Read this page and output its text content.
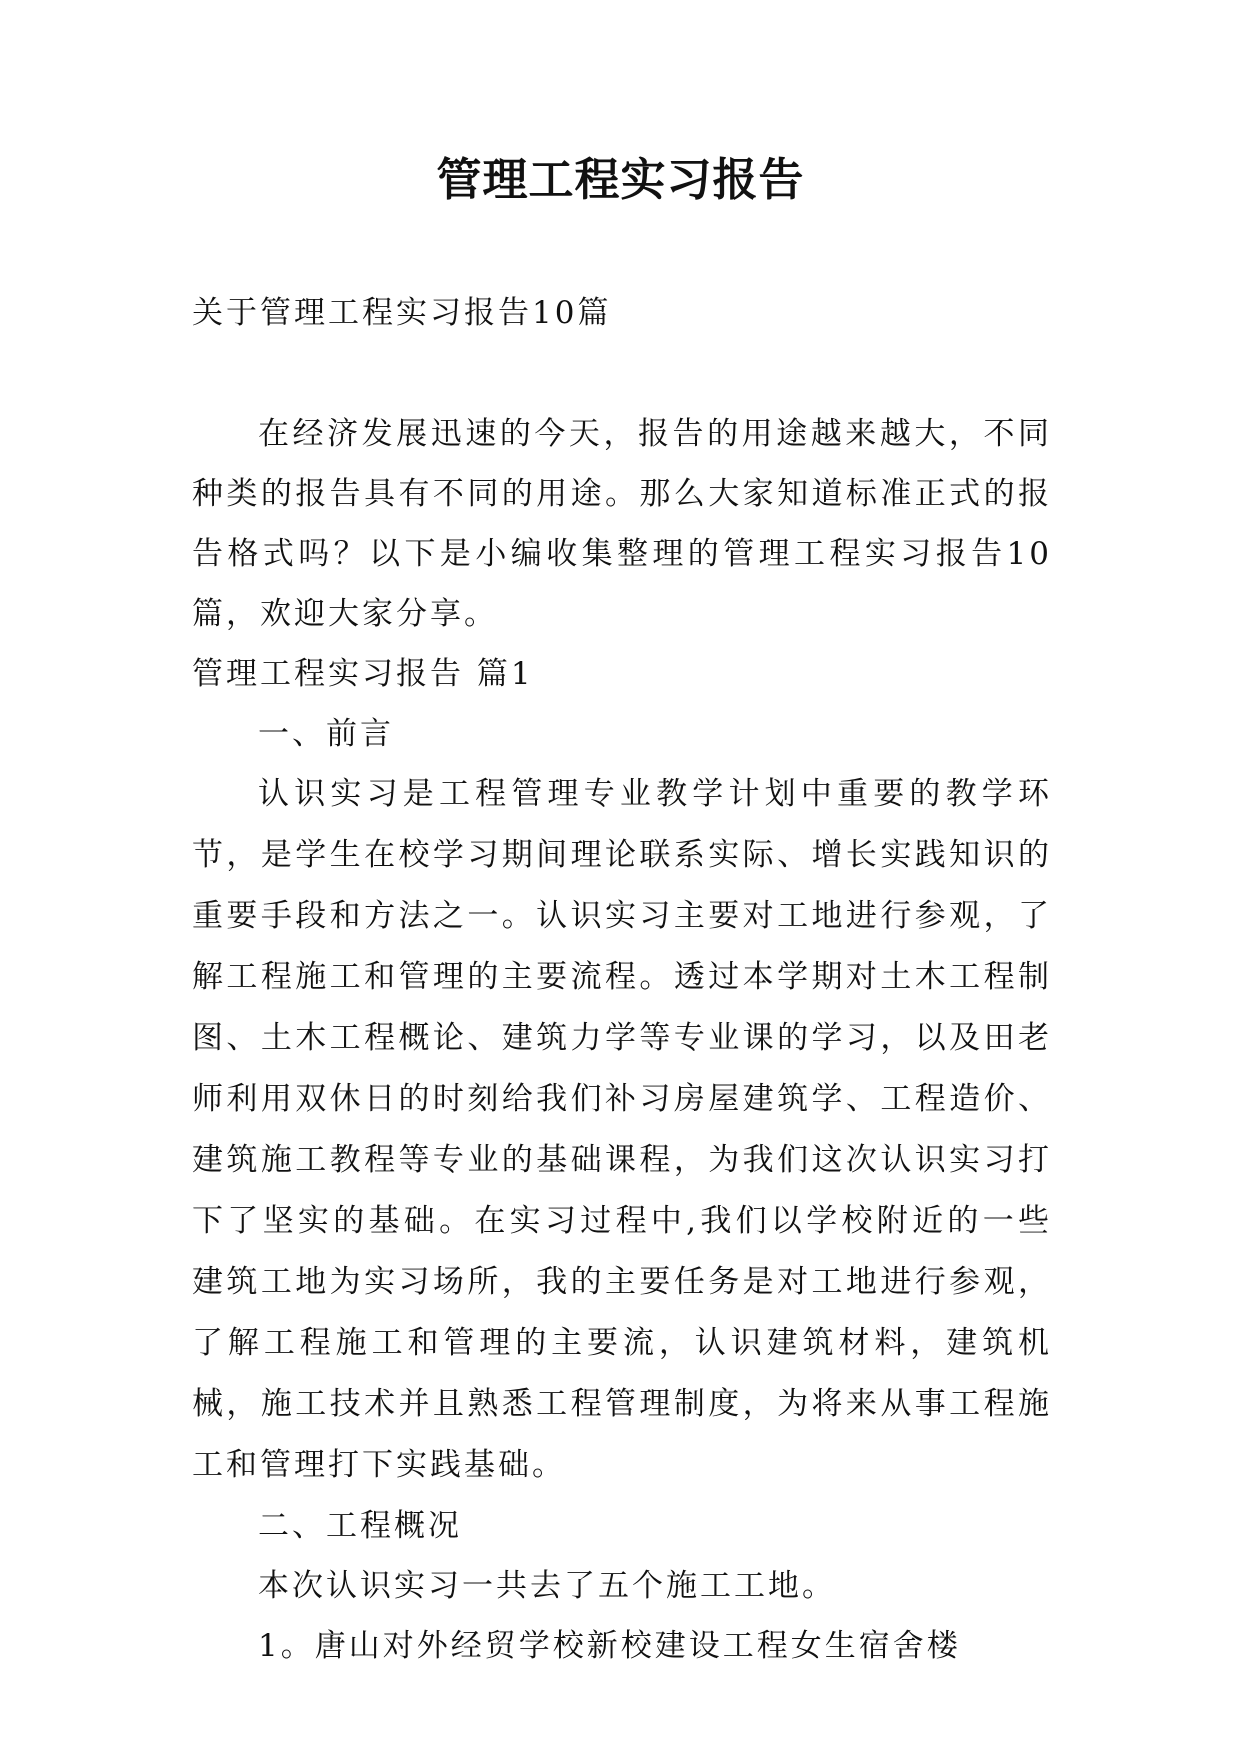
管理工程实习报告
关于管理工程实习报告10篇

在经济发展迅速的今天，报告的用途越来越大，不同种类的报告具有不同的用途。那么大家知道标准正式的报告格式吗？以下是小编收集整理的管理工程实习报告10篇，欢迎大家分享。

管理工程实习报告 篇1

一、前言

认识实习是工程管理专业教学计划中重要的教学环节，是学生在校学习期间理论联系实际、增长实践知识的重要手段和方法之一。认识实习主要对工地进行参观，了解工程施工和管理的主要流程。透过本学期对土木工程制图、土木工程概论、建筑力学等专业课的学习，以及田老师利用双休日的时刻给我们补习房屋建筑学、工程造价、建筑施工教程等专业的基础课程，为我们这次认识实习打下了坚实的基础。在实习过程中,我们以学校附近的一些建筑工地为实习场所，我的主要任务是对工地进行参观，了解工程施工和管理的主要流，认识建筑材料，建筑机械，施工技术并且熟悉工程管理制度，为将来从事工程施工和管理打下实践基础。

二、工程概况

本次认识实习一共去了五个施工工地。

1。唐山对外经贸学校新校建设工程女生宿舍楼
